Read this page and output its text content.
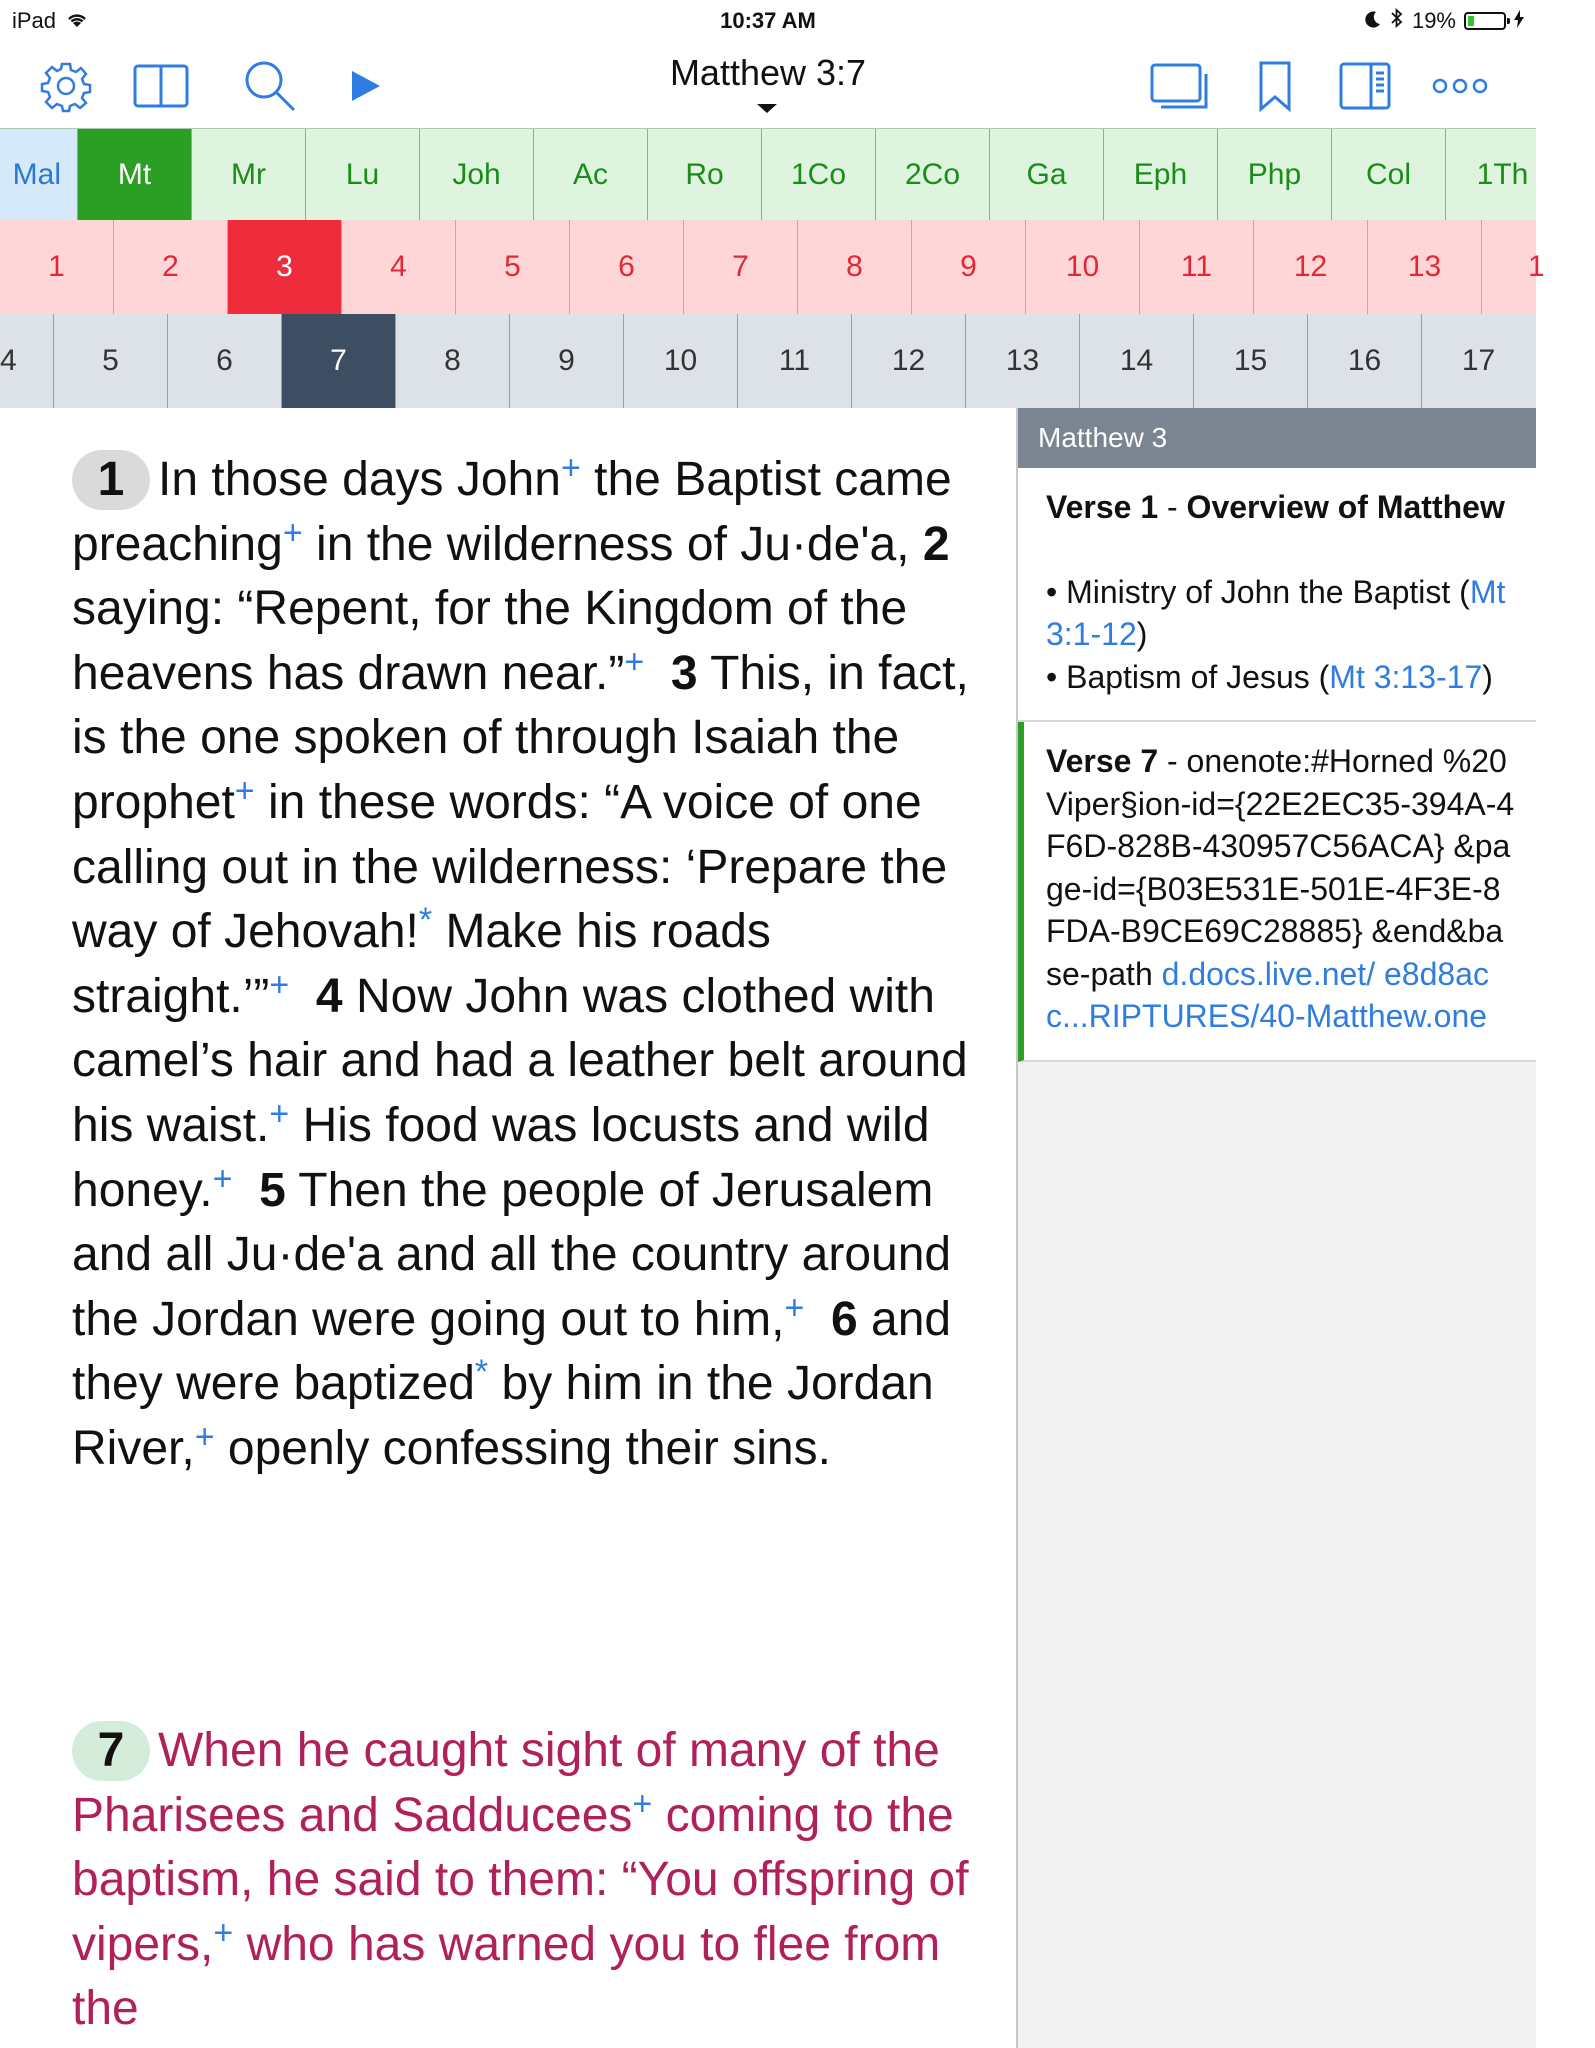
iPad	10:37 AM	19%
Matthew 3:7
Mal	Mt	Mr	Lu	Joh	Ac	Ro	1Co	2Co	Ga	Eph	Php	Col	1Th
1	2	3	4	5	6	7	8	9	10	11	12	13	1
4	5	6	7	8	9	10	11	12	13	14	15	16	17
1 In those days John+ the Baptist came preaching+ in the wilderness of Ju·deʹa, 2 saying: “Repent, for the Kingdom of the heavens has drawn near.”+ 3 This, in fact, is the one spoken of through Isaiah the prophet+ in these words: “A voice of one calling out in the wilderness: ‘Prepare the way of Jehovah!* Make his roads straight.’”+ 4 Now John was clothed with camel’s hair and had a leather belt around his waist.+ His food was locusts and wild honey.+ 5 Then the people of Jerusalem and all Ju·deʹa and all the country around the Jordan were going out to him,+ 6 and they were baptized* by him in the Jordan River,+ openly confessing their sins.
7 When he caught sight of many of the Pharisees and Sadducees+ coming to the baptism, he said to them: “You offspring of vipers,+ who has warned you to flee from the
Matthew 3
Verse 1 - Overview of Matthew
• Ministry of John the Baptist (Mt 3:1-12)
• Baptism of Jesus (Mt 3:13-17)
Verse 7 - onenote:#Horned %20Viper§ion-id={22E2EC35-394A-4F6D-828B-430957C56ACA} &page-id={B03E531E-501E-4F3E-8FDA-B9CE69C28885} &end&base-path d.docs.live.net/ e8d8acc...RIPTURES/40-Matthew.one
